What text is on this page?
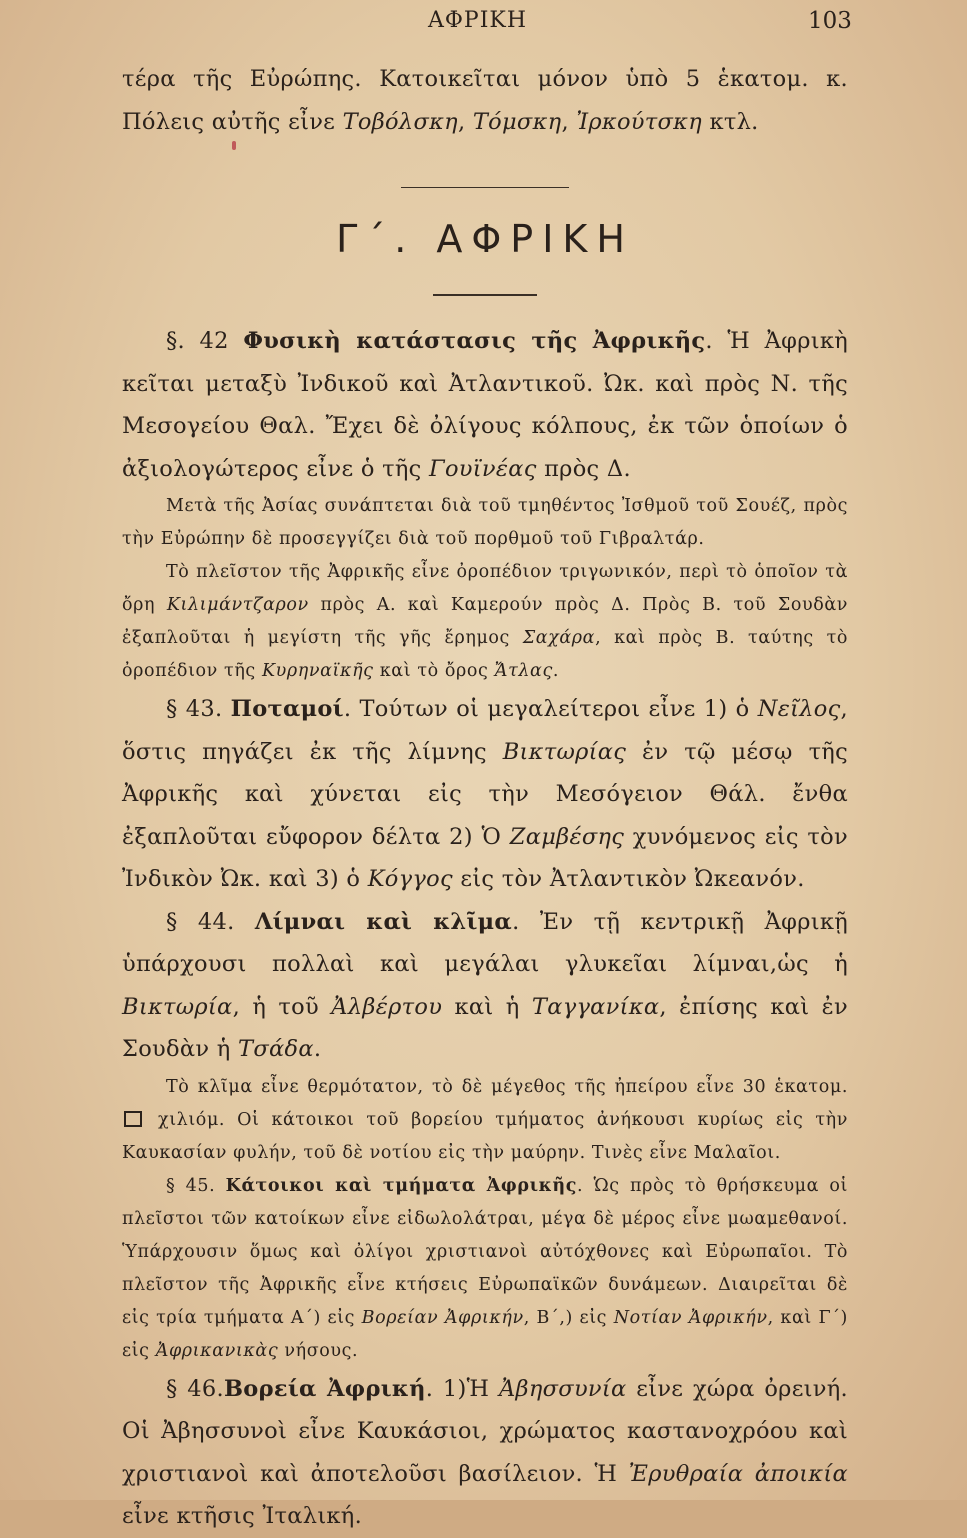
ΑΦΡΙΚΗ	103

τέρα τῆς Εὐρώπης. Κατοικεῖται μόνον ὑπὸ 5 ἑκατομ. κ. Πόλεις αὐτῆς εἶνε Τοβόλσκη, Τόμσκη, Ἰρκούτσκη κτλ.

Γ΄. ΑΦΡΙΚΗ

§. 42 Φυσικὴ κατάστασις τῆς Ἀφρικῆς. Ἡ Ἀφρικὴ κεῖται μεταξὺ Ἰνδικοῦ καὶ Ἀτλαντικοῦ. Ὠκ. καὶ πρὸς Ν. τῆς Μεσογείου Θαλ. Ἔχει δὲ ὀλίγους κόλπους, ἐκ τῶν ὁποίων ὁ ἀξιολογώτερος εἶνε ὁ τῆς Γουϊνέας πρὸς Δ.

Μετὰ τῆς Ἀσίας συνάπτεται διὰ τοῦ τμηθέντος Ἰσθμοῦ τοῦ Σουέζ, πρὸς τὴν Εὐρώπην δὲ προσεγγίζει διὰ τοῦ πορθμοῦ τοῦ Γιβραλτάρ.

Τὸ πλεῖστον τῆς Ἀφρικῆς εἶνε ὀροπέδιον τριγωνικόν, περὶ τὸ ὁποῖον τὰ ὄρη Κιλιμάντζαρον πρὸς Α. καὶ Καμερούν πρὸς Δ. Πρὸς Β. τοῦ Σουδὰν ἐξαπλοῦται ἡ μεγίστη τῆς γῆς ἔρημος Σαχάρα, καὶ πρὸς Β. ταύτης τὸ ὀροπέδιον τῆς Κυρηναϊκῆς καὶ τὸ ὄρος Ἄτλας.

§ 43. Ποταμοί. Τούτων οἱ μεγαλείτεροι εἶνε 1) ὁ Νεῖλος, ὅστις πηγάζει ἐκ τῆς λίμνης Βικτωρίας ἐν τῷ μέσῳ τῆς Ἀφρικῆς καὶ χύνεται εἰς τὴν Μεσόγειον Θάλ. ἔνθα ἐξαπλοῦται εὔφορον δέλτα 2) Ὁ Ζαμβέσης χυνόμενος εἰς τὸν Ἰνδικὸν Ὠκ. καὶ 3) ὁ Κόγγος εἰς τὸν Ἀτλαντικὸν Ὠκεανόν.

§ 44. Λίμναι καὶ κλῖμα. Ἐν τῇ κεντρικῇ Ἀφρικῇ ὑπάρχουσι πολλαὶ καὶ μεγάλαι γλυκεῖαι λίμναι,ὡς ἡ Βικτωρία, ἡ τοῦ Ἀλβέρτου καὶ ἡ Ταγγανίκα, ἐπίσης καὶ ἐν Σουδὰν ἡ Τσάδα.

Τὸ κλῖμα εἶνε θερμότατον, τὸ δὲ μέγεθος τῆς ἠπείρου εἶνε 30 ἑκατομ. χιλιόμ. Οἱ κάτοικοι τοῦ βορείου τμήματος ἀνήκουσι κυρίως εἰς τὴν Καυκασίαν φυλήν, τοῦ δὲ νοτίου εἰς τὴν μαύρην. Τινὲς εἶνε Μαλαῖοι.

§ 45. Κάτοικοι καὶ τμήματα Ἀφρικῆς. Ὡς πρὸς τὸ θρήσκευμα οἱ πλεῖστοι τῶν κατοίκων εἶνε εἰδωλολάτραι, μέγα δὲ μέρος εἶνε μωαμεθανοί. Ὑπάρχουσιν ὅμως καὶ ὀλίγοι χριστιανοὶ αὐτόχθονες καὶ Εὐρωπαῖοι. Τὸ πλεῖστον τῆς Ἀφρικῆς εἶνε κτήσεις Εὐρωπαϊκῶν δυνάμεων. Διαιρεῖται δὲ εἰς τρία τμήματα Α΄) εἰς Βορείαν Ἀφρικήν, Β΄,) εἰς Νοτίαν Ἀφρικήν, καὶ Γ΄) εἰς Ἀφρικανικὰς νήσους.

§ 46.Βορεία Ἀφρική. 1)Ἡ Ἀβησσυνία εἶνε χώρα ὀρεινή. Οἱ Ἀβησσυνοὶ εἶνε Καυκάσιοι, χρώματος καστανοχρόου καὶ χριστιανοὶ καὶ ἀποτελοῦσι βασίλειον. Ἡ Ἐρυθραία ἀποικία εἶνε κτῆσις Ἰταλική.
